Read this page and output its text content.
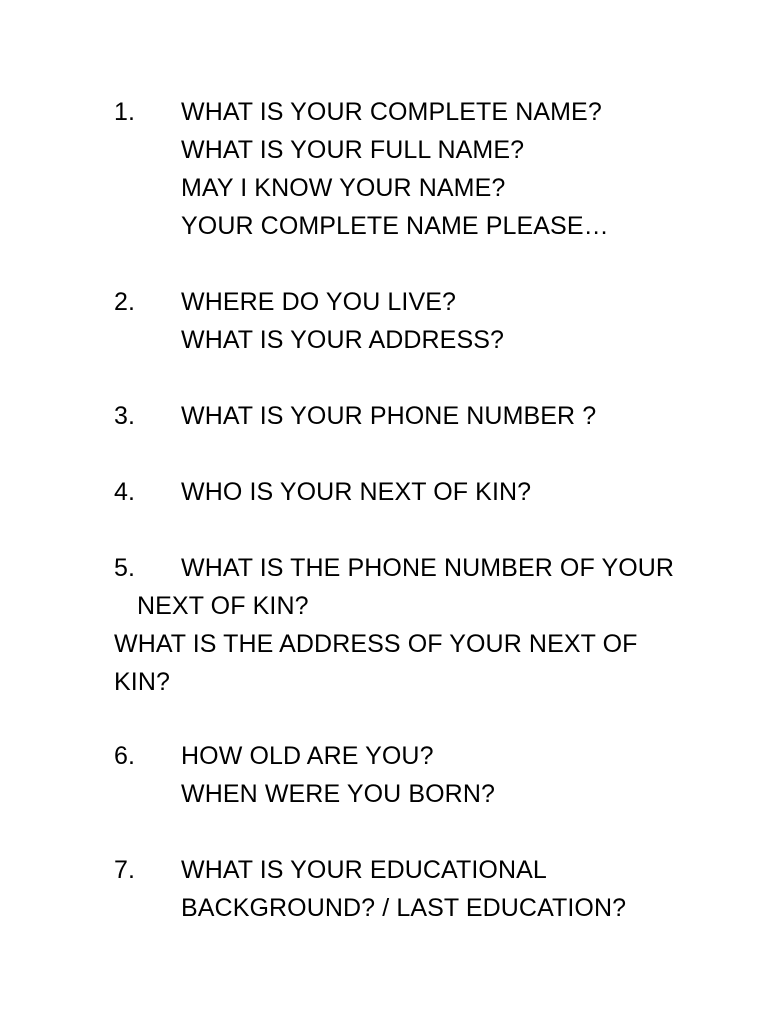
1. WHAT IS YOUR COMPLETE NAME?
WHAT IS YOUR FULL NAME?
MAY I KNOW YOUR NAME?
YOUR COMPLETE NAME PLEASE…
2. WHERE DO YOU LIVE?
WHAT IS YOUR ADDRESS?
3. WHAT IS YOUR PHONE NUMBER ?
4. WHO IS YOUR NEXT OF KIN?
5. WHAT IS THE PHONE NUMBER OF YOUR
NEXT OF KIN?
WHAT IS THE ADDRESS OF YOUR NEXT OF
KIN?
6. HOW OLD ARE YOU?
WHEN WERE YOU BORN?
7. WHAT IS YOUR EDUCATIONAL
BACKGROUND? / LAST EDUCATION?
